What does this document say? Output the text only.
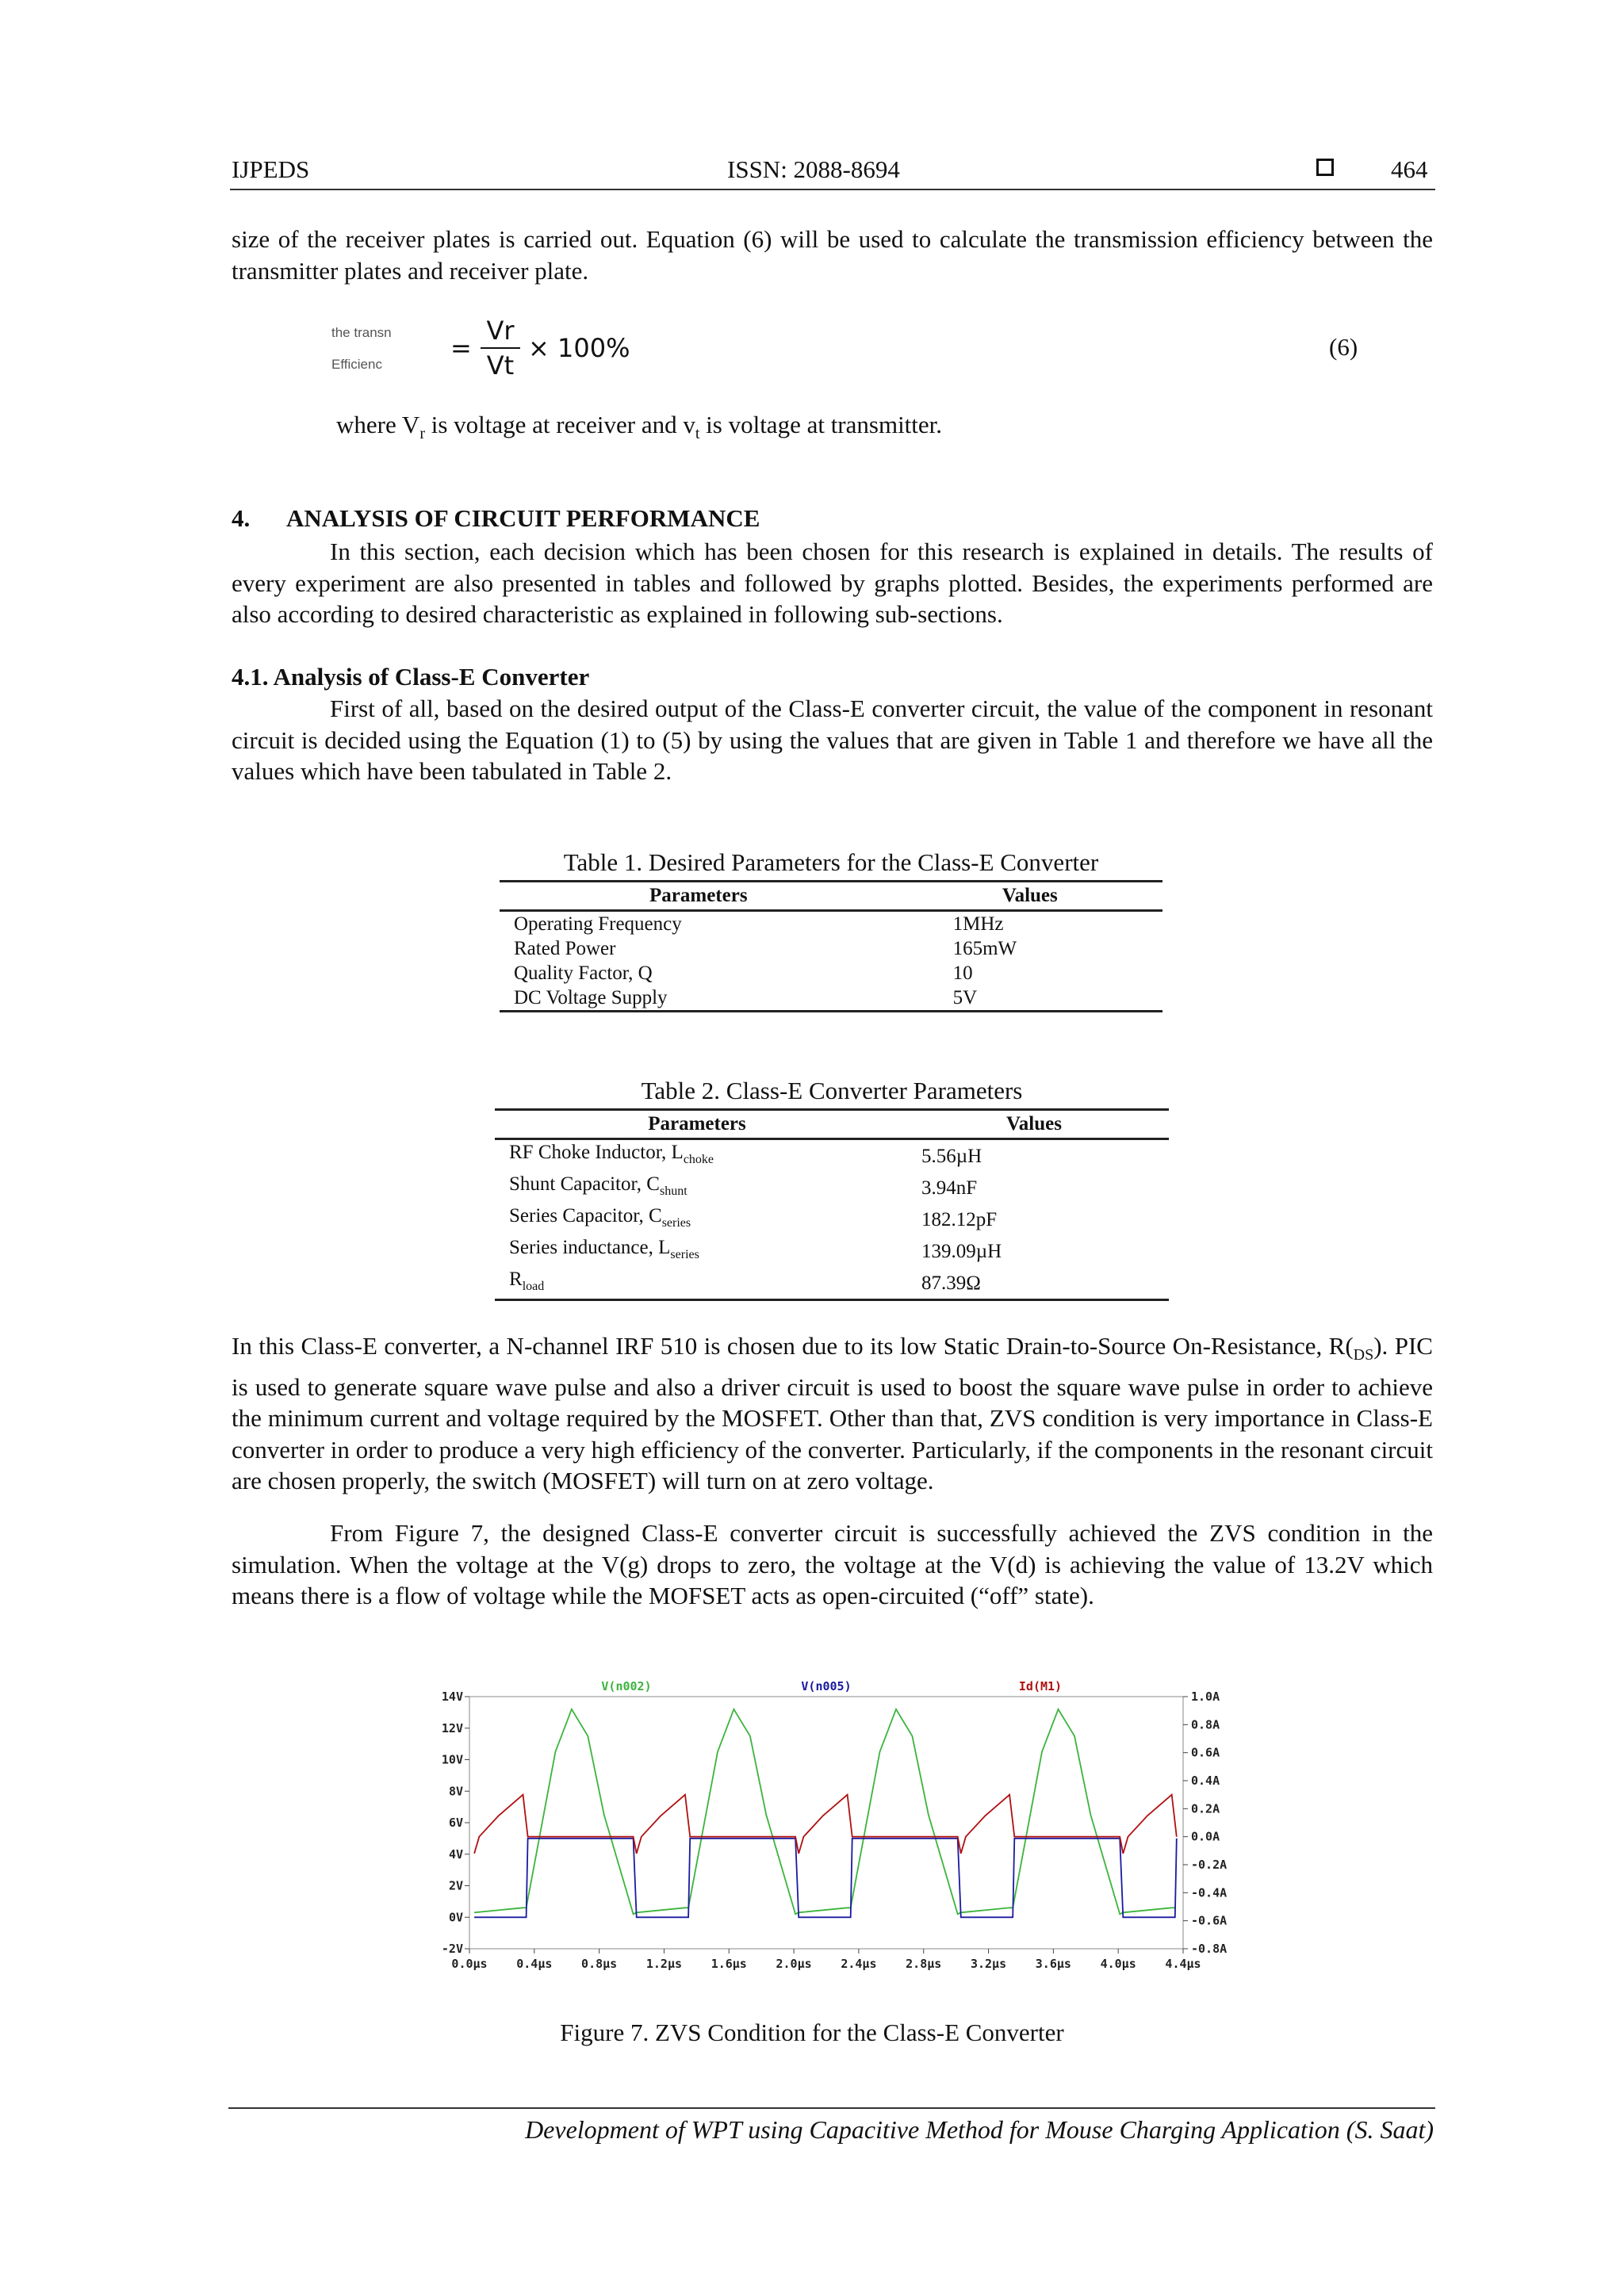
IJPEDS	ISSN: 2088-8694	464

size of the receiver plates is carried out. Equation (6) will be used to calculate the transmission efficiency between the transmitter plates and receiver plate.

the transn
Efficienc
=
Vr
Vt
× 100%	(6)
where $V_r$ is voltage at receiver and $v_t$ is voltage at transmitter.
4. ANALYSIS OF CIRCUIT PERFORMANCE

In this section, each decision which has been chosen for this research is explained in details. The results of every experiment are also presented in tables and followed by graphs plotted. Besides, the experiments performed are also according to desired characteristic as explained in following sub-sections.

4.1. Analysis of Class-E Converter

First of all, based on the desired output of the Class-E converter circuit, the value of the component in resonant circuit is decided using the Equation (1) to (5) by using the values that are given in Table 1 and therefore we have all the values which have been tabulated in Table 2.

Table 1. Desired Parameters for the Class-E Converter
Parameters	Values
Operating Frequency	1MHz
Rated Power	165mW
Quality Factor, Q	10
DC Voltage Supply	5V
Table 2. Class-E Converter Parameters
Parameters	Values
RF Choke Inductor, $L_{choke}$	5.56µH
Shunt Capacitor, $C_{shunt}$	3.94nF
Series Capacitor, $C_{series}$	182.12pF
Series inductance, $L_{series}$	139.09µH
$R_{load}$	87.39Ω

In this Class-E converter, a N-channel IRF 510 is chosen due to its low Static Drain-to-Source On-Resistance, $R(_{DS})$. PIC is used to generate square wave pulse and also a driver circuit is used to boost the square wave pulse in order to achieve the minimum current and voltage required by the MOSFET. Other than that, ZVS condition is very importance in Class-E converter in order to produce a very high efficiency of the converter. Particularly, if the components in the resonant circuit are chosen properly, the switch (MOSFET) will turn on at zero voltage.

From Figure 7, the designed Class-E converter circuit is successfully achieved the ZVS condition in the simulation. When the voltage at the V(g) drops to zero, the voltage at the V(d) is achieving the value of 13.2V which means there is a flow of voltage while the MOFSET acts as open-circuited (“off” state).

14V
12V
10V
8V
6V
4V
2V
0V
-2V
1.0A
0.8A
0.6A
0.4A
0.2A
0.0A
-0.2A
-0.4A
-0.6A
-0.8A
0.0µs 0.4µs 0.8µs 1.2µs 1.6µs 2.0µs 2.4µs 2.8µs 3.2µs 3.6µs 4.0µs 4.4µs
V(n002)	V(n005)	Id(M1)
Figure 7. ZVS Condition for the Class-E Converter
Development of WPT using Capacitive Method for Mouse Charging Application (S. Saat)
